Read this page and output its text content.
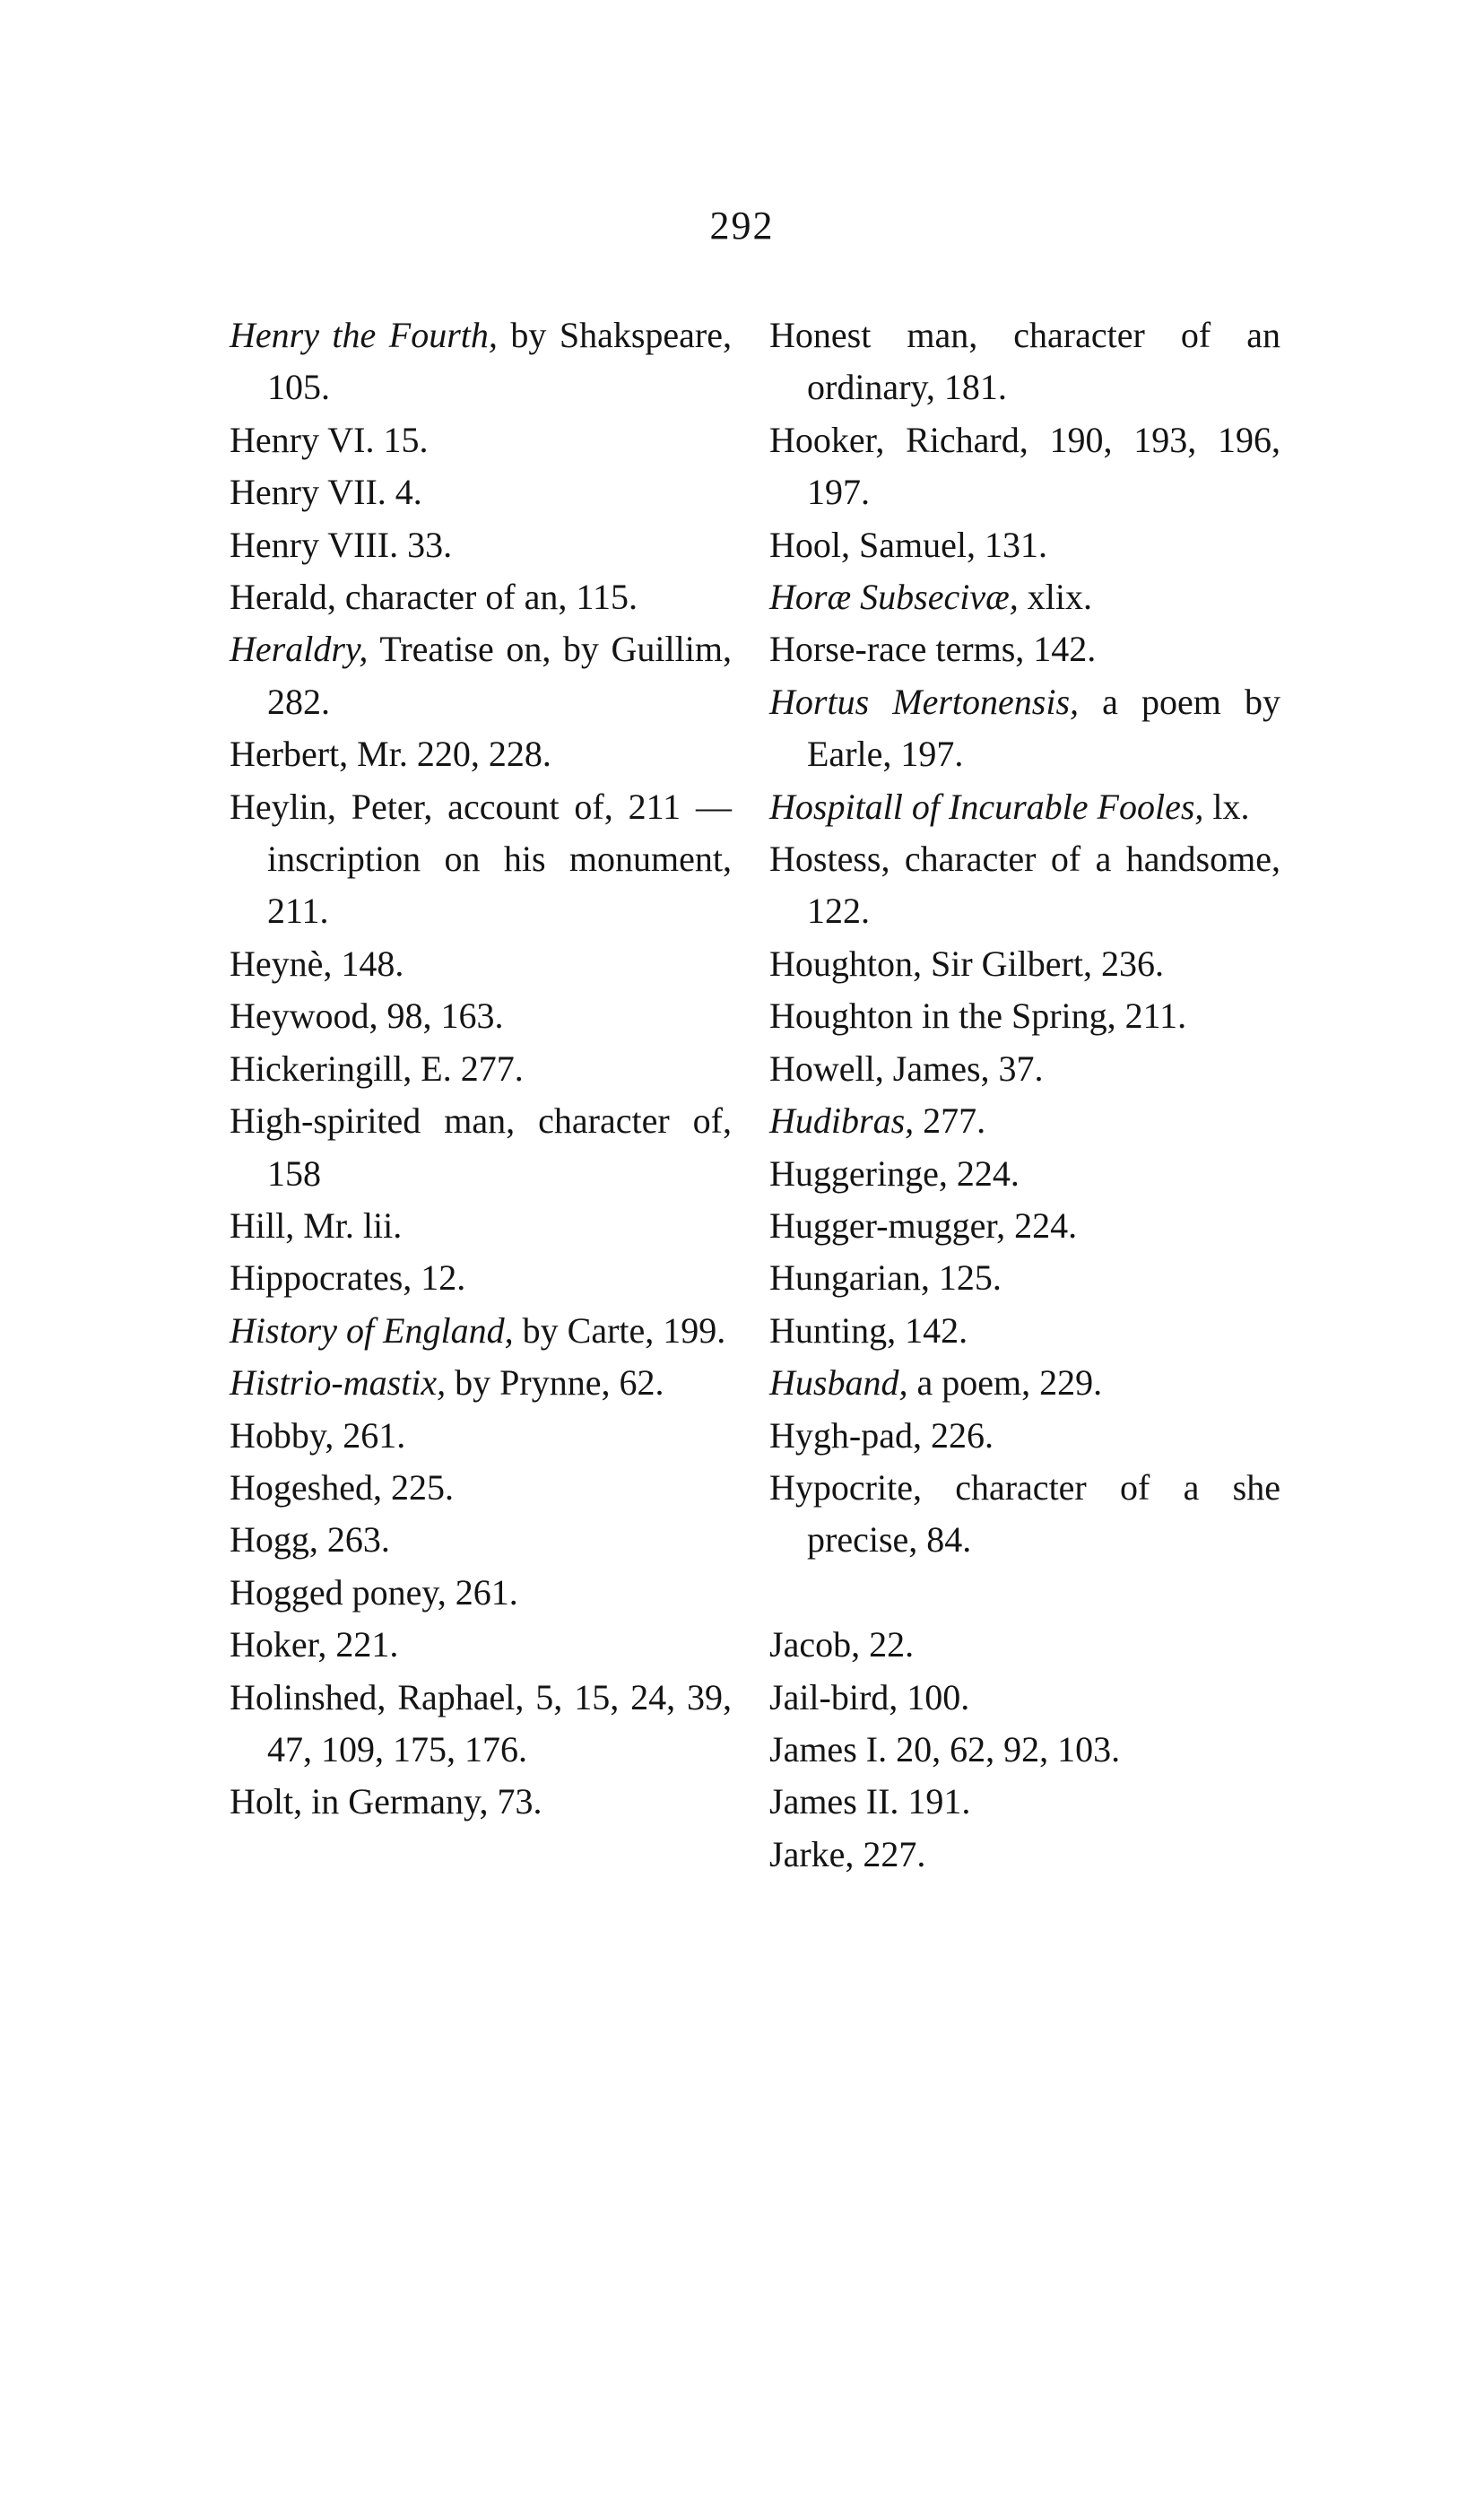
292
Henry the Fourth, by Shakspeare, 105.
Henry VI. 15.
Henry VII. 4.
Henry VIII. 33.
Herald, character of an, 115.
Heraldry, Treatise on, by Guillim, 282.
Herbert, Mr. 220, 228.
Heylin, Peter, account of, 211 — inscription on his monument, 211.
Heynè, 148.
Heywood, 98, 163.
Hickeringill, E. 277.
High-spirited man, character of, 158
Hill, Mr. lii.
Hippocrates, 12.
History of England, by Carte, 199.
Histrio-mastix, by Prynne, 62.
Hobby, 261.
Hogeshed, 225.
Hogg, 263.
Hogged poney, 261.
Hoker, 221.
Holinshed, Raphael, 5, 15, 24, 39, 47, 109, 175, 176.
Holt, in Germany, 73.
Honest man, character of an ordinary, 181.
Hooker, Richard, 190, 193, 196, 197.
Hool, Samuel, 131.
Horæ Subsecivæ, xlix.
Horse-race terms, 142.
Hortus Mertonensis, a poem by Earle, 197.
Hospitall of Incurable Fooles, lx.
Hostess, character of a handsome, 122.
Houghton, Sir Gilbert, 236.
Houghton in the Spring, 211.
Howell, James, 37.
Hudibras, 277.
Huggeringe, 224.
Hugger-mugger, 224.
Hungarian, 125.
Hunting, 142.
Husband, a poem, 229.
Hygh-pad, 226.
Hypocrite, character of a she precise, 84.
Jacob, 22.
Jail-bird, 100.
James I. 20, 62, 92, 103.
James II. 191.
Jarke, 227.
